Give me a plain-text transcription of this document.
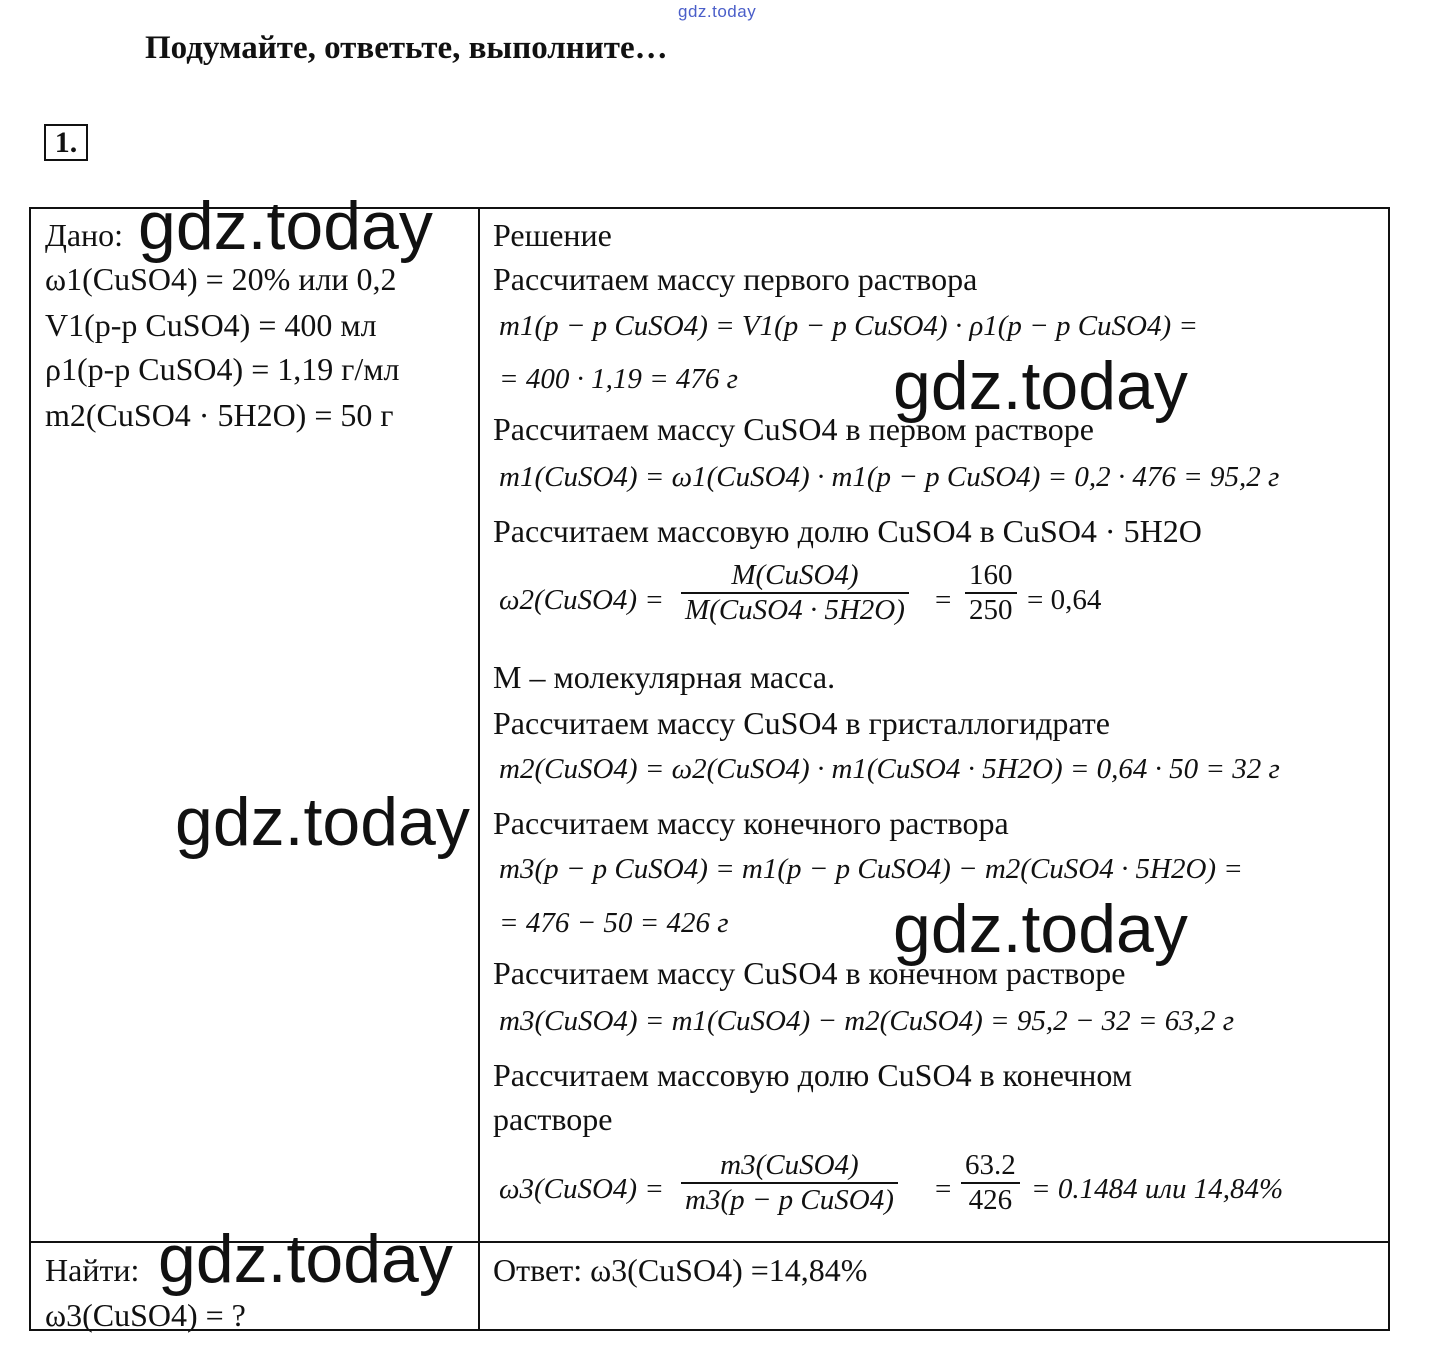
gdz.today
Подумайте, ответьте, выполните…
1.
Дано:
ω1(CuSO4) = 20% или 0,2
V1(р-р CuSO4) = 400 мл
ρ1(р-р CuSO4) = 1,19 г/мл
m2(CuSO4 · 5H2O) = 50 г
Найти:
ω3(CuSO4) = ?
Решение
Рассчитаем массу первого раствора
m1(p − p CuSO4) = V1(p − p CuSO4) · ρ1(p − p CuSO4) =
= 400 · 1,19 = 476 г
Рассчитаем массу CuSO4 в первом растворе
m1(CuSO4) = ω1(CuSO4) · m1(p − p CuSO4) = 0,2 · 476 = 95,2 г
Рассчитаем массовую долю CuSO4 в CuSO4 · 5H2O
ω2(CuSO4) =
M(CuSO4)
M(CuSO4 · 5H2O) =
160
250 = 0,64
М – молекулярная масса.
Рассчитаем массу CuSO4 в гристаллогидрате
m2(CuSO4) = ω2(CuSO4) · m1(CuSO4 · 5H2O) = 0,64 · 50 = 32 г
Рассчитаем массу конечного раствора
m3(p − p CuSO4) = m1(p − p CuSO4) − m2(CuSO4 · 5H2O) =
= 476 − 50 = 426 г
Рассчитаем массу CuSO4 в конечном растворе
m3(CuSO4) = m1(CuSO4) − m2(CuSO4) = 95,2 − 32 = 63,2 г
Рассчитаем массовую долю CuSO4 в конечном
растворе
ω3(CuSO4) =
m3(CuSO4)
m3(p − p CuSO4) =
63.2
426 = 0.1484 или 14,84%
Ответ: ω3(CuSO4) =14,84%
gdz.today
gdz.today
gdz.today
gdz.today
gdz.today
